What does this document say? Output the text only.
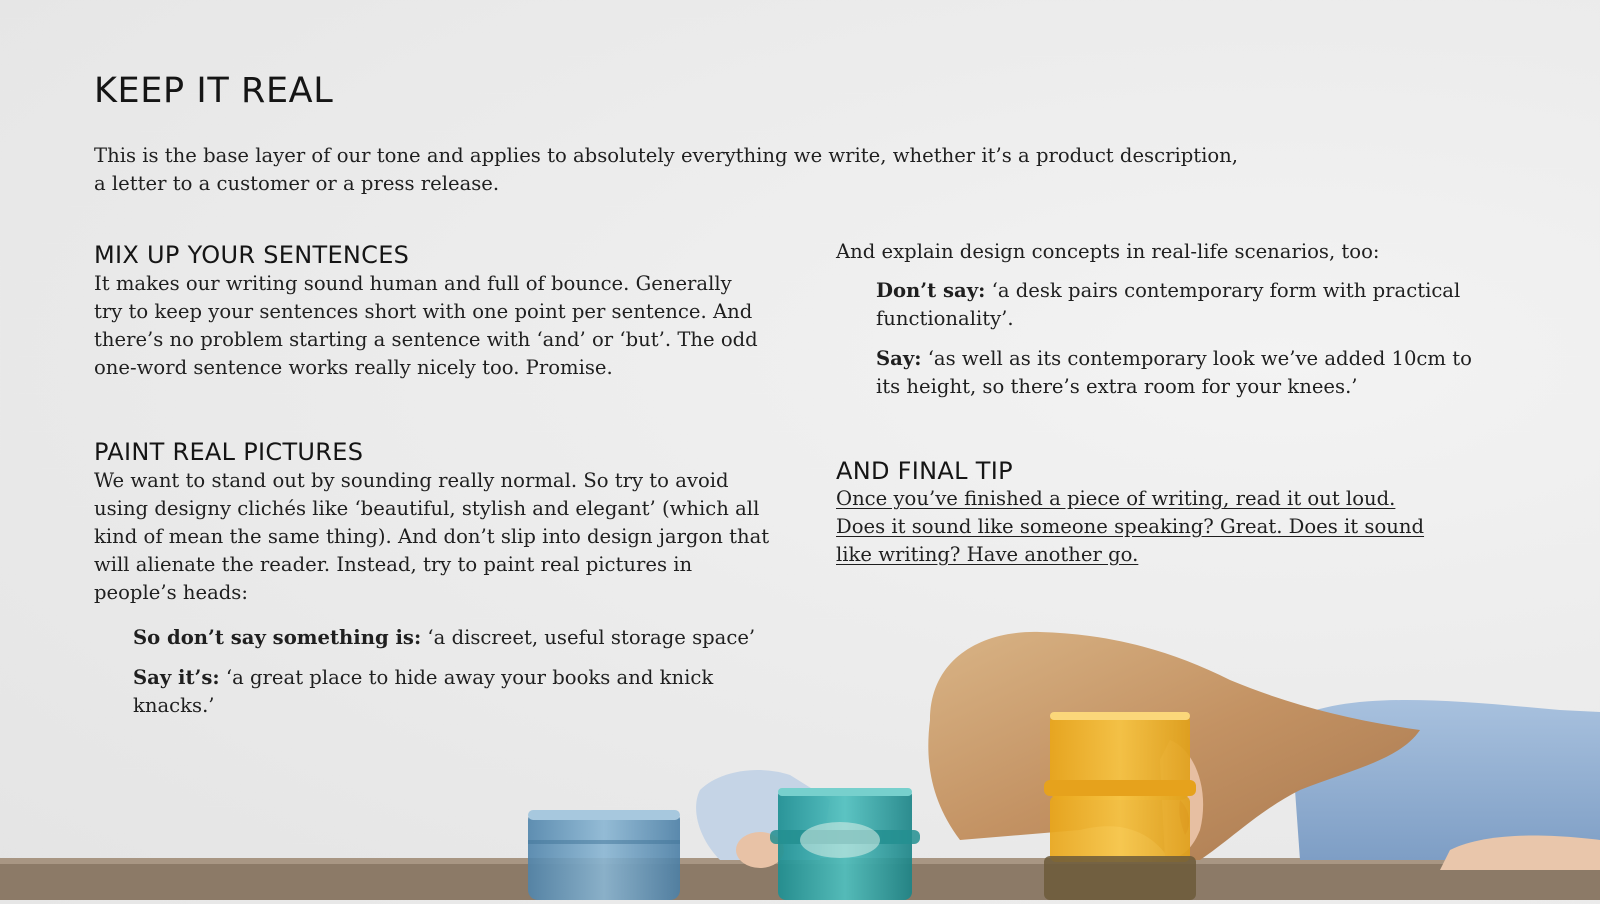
KEEP IT REAL

This is the base layer of our tone and applies to absolutely everything we write, whether it’s a product description, a letter to a customer or a press release.

MIX UP YOUR SENTENCES

It makes our writing sound human and full of bounce. Generally try to keep your sentences short with one point per sentence. And there’s no problem starting a sentence with ‘and’ or ‘but’. The odd one-word sentence works really nicely too. Promise.

PAINT REAL PICTURES

We want to stand out by sounding really normal. So try to avoid using designy clichés like ‘beautiful, stylish and elegant’ (which all kind of mean the same thing). And don’t slip into design jargon that will alienate the reader. Instead, try to paint real pictures in people’s heads:

So don’t say something is: ‘a discreet, useful storage space’

Say it’s: ‘a great place to hide away your books and knick knacks.’

And explain design concepts in real-life scenarios, too:

Don’t say: ‘a desk pairs contemporary form with practical functionality’.

Say: ‘as well as its contemporary look we’ve added 10cm to its height, so there’s extra room for your knees.’

AND FINAL TIP

Once you’ve finished a piece of writing, read it out loud. Does it sound like someone speaking? Great. Does it sound like writing? Have another go.
